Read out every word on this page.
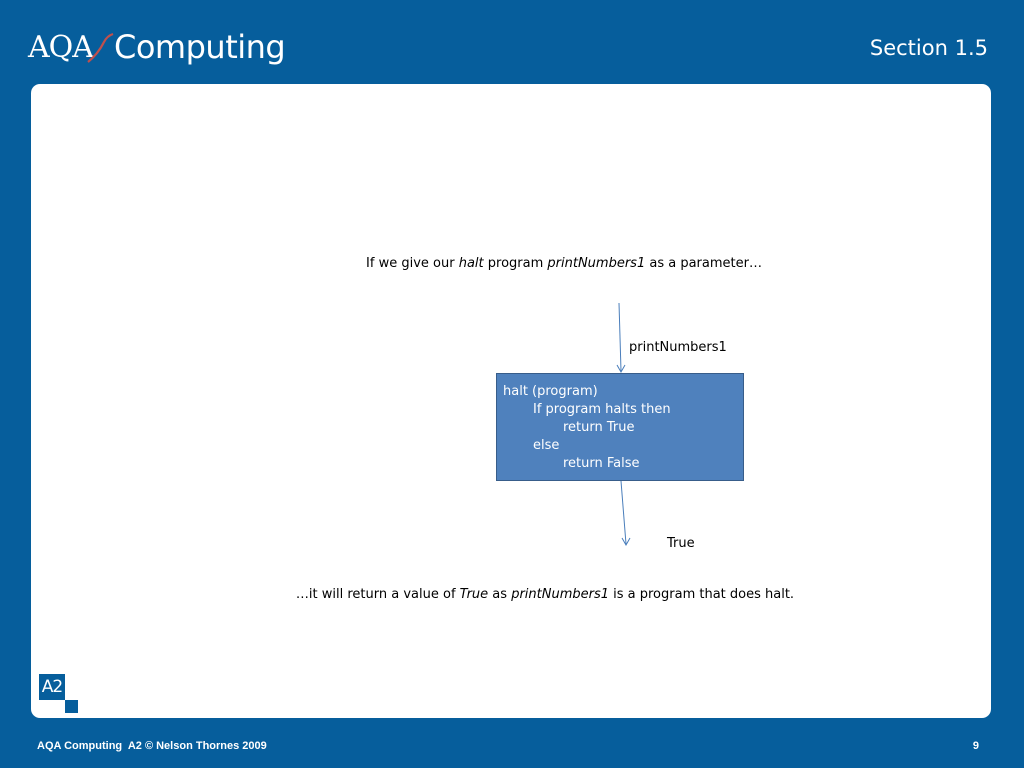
AQA Computing	Section 1.5
If we give our halt program printNumbers1 as a parameter…
printNumbers1
halt (program)
If program halts then
return True
else
return False
True
…it will return a value of True as printNumbers1 is a program that does halt.
A2
AQA Computing  A2 © Nelson Thornes 2009	9
